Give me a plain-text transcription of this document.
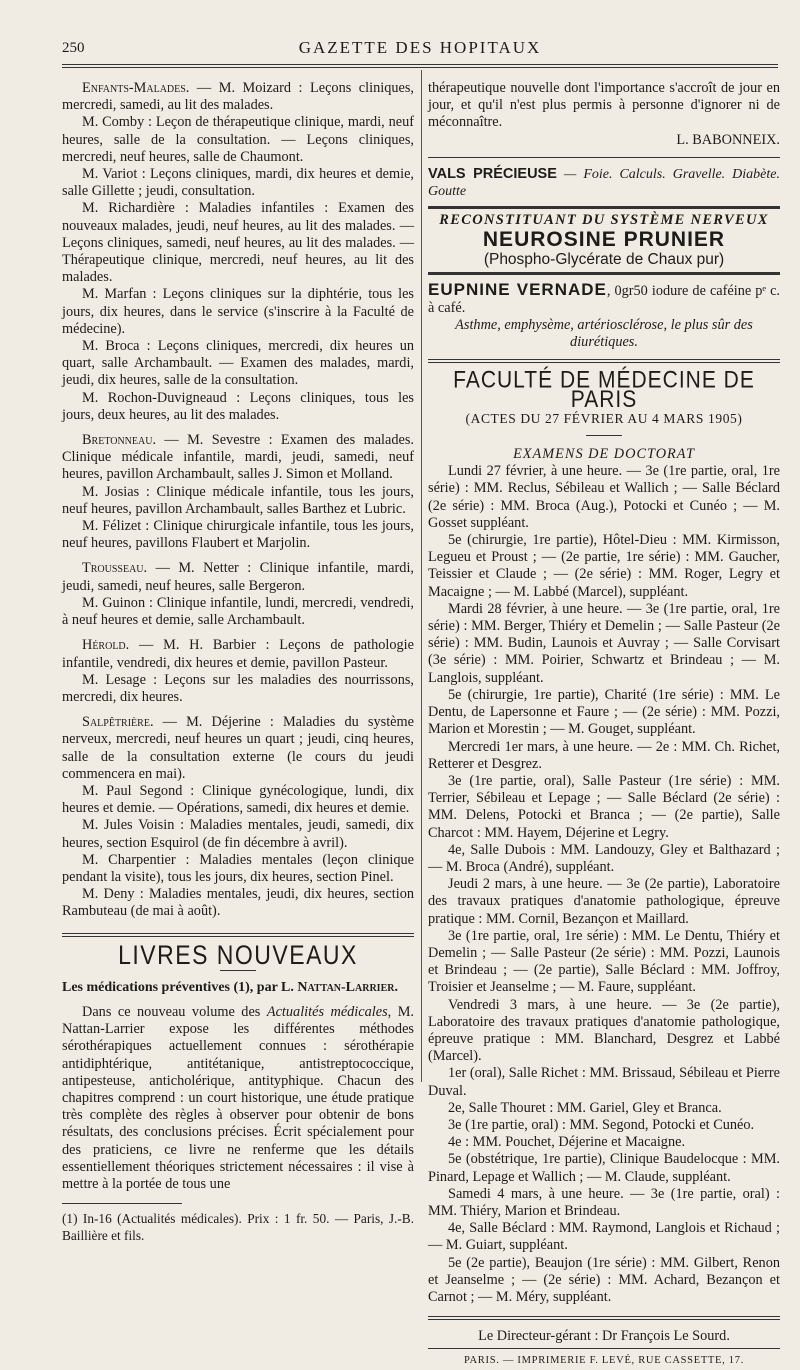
250	GAZETTE DES HOPITAUX

Enfants-Malades. — M. Moizard : Leçons cliniques, mercredi, samedi, au lit des malades.

M. Comby : Leçon de thérapeutique clinique, mardi, neuf heures, salle de la consultation. — Leçons cliniques, mercredi, neuf heures, salle de Chaumont.

M. Variot : Leçons cliniques, mardi, dix heures et demie, salle Gillette ; jeudi, consultation.

M. Richardière : Maladies infantiles : Examen des nouveaux malades, jeudi, neuf heures, au lit des malades. — Leçons cliniques, samedi, neuf heures, au lit des malades. — Thérapeutique clinique, mercredi, neuf heures, au lit des malades.

M. Marfan : Leçons cliniques sur la diphtérie, tous les jours, dix heures, dans le service (s'inscrire à la Faculté de médecine).

M. Broca : Leçons cliniques, mercredi, dix heures un quart, salle Archambault. — Examen des malades, mardi, jeudi, dix heures, salle de la consultation.

M. Rochon-Duvigneaud : Leçons cliniques, tous les jours, deux heures, au lit des malades.

Bretonneau. — M. Sevestre : Examen des malades. Clinique médicale infantile, mardi, jeudi, samedi, neuf heures, pavillon Archambault, salles J. Simon et Molland.

M. Josias : Clinique médicale infantile, tous les jours, neuf heures, pavillon Archambault, salles Barthez et Lubric.

M. Félizet : Clinique chirurgicale infantile, tous les jours, neuf heures, pavillons Flaubert et Marjolin.

Trousseau. — M. Netter : Clinique infantile, mardi, jeudi, samedi, neuf heures, salle Bergeron.

M. Guinon : Clinique infantile, lundi, mercredi, vendredi, à neuf heures et demie, salle Archambault.

Hérold. — M. H. Barbier : Leçons de pathologie infantile, vendredi, dix heures et demie, pavillon Pasteur.

M. Lesage : Leçons sur les maladies des nourrissons, mercredi, dix heures.

Salpêtrière. — M. Déjerine : Maladies du système nerveux, mercredi, neuf heures un quart ; jeudi, cinq heures, salle de la consultation externe (le cours du jeudi commencera en mai).

M. Paul Segond : Clinique gynécologique, lundi, dix heures et demie. — Opérations, samedi, dix heures et demie.

M. Jules Voisin : Maladies mentales, jeudi, samedi, dix heures, section Esquirol (de fin décembre à avril).

M. Charpentier : Maladies mentales (leçon clinique pendant la visite), tous les jours, dix heures, section Pinel.

M. Deny : Maladies mentales, jeudi, dix heures, section Rambuteau (de mai à août).

LIVRES NOUVEAUX

Les médications préventives (1), par L. Nattan-Larrier.

Dans ce nouveau volume des Actualités médicales, M. Nattan-Larrier expose les différentes méthodes sérothérapiques actuellement connues : sérothérapie antidiphtérique, antitétanique, antistreptococcique, antipesteuse, anticholérique, antityphique. Chacun des chapitres comprend : un court historique, une étude pratique très complète des règles à observer pour obtenir de bons résultats, des conclusions précises. Écrit spécialement pour des praticiens, ce livre ne renferme que les détails essentiellement théoriques strictement nécessaires : il vise à mettre à la portée de tous une

(1) In-16 (Actualités médicales). Prix : 1 fr. 50. — Paris, J.-B. Baillière et fils.

thérapeutique nouvelle dont l'importance s'accroît de jour en jour, et qu'il n'est plus permis à personne d'ignorer ni de méconnaître.

L. BABONNEIX.

VALS PRÉCIEUSE — Foie. Calculs. Gravelle. Diabète. Goutte

RECONSTITUANT DU SYSTÈME NERVEUX
NEUROSINE PRUNIER
(Phospho-Glycérate de Chaux pur)

EUPNINE VERNADE, 0gr50 iodure de caféine pᵉ c. à café.
Asthme, emphysème, artériosclérose, le plus sûr des diurétiques.

FACULTÉ DE MÉDECINE DE PARIS

(ACTES DU 27 FÉVRIER AU 4 MARS 1905)

EXAMENS DE DOCTORAT

Lundi 27 février, à une heure. — 3e (1re partie, oral, 1re série) : MM. Reclus, Sébileau et Wallich ; — Salle Béclard (2e série) : MM. Broca (Aug.), Potocki et Cunéo ; — M. Gosset suppléant.

5e (chirurgie, 1re partie), Hôtel-Dieu : MM. Kirmisson, Legueu et Proust ; — (2e partie, 1re série) : MM. Gaucher, Teissier et Claude ; — (2e série) : MM. Roger, Legry et Macaigne ; — M. Labbé (Marcel), suppléant.

Mardi 28 février, à une heure. — 3e (1re partie, oral, 1re série) : MM. Berger, Thiéry et Demelin ; — Salle Pasteur (2e série) : MM. Budin, Launois et Auvray ; — Salle Corvisart (3e série) : MM. Poirier, Schwartz et Brindeau ; — M. Langlois, suppléant.

5e (chirurgie, 1re partie), Charité (1re série) : MM. Le Dentu, de Lapersonne et Faure ; — (2e série) : MM. Pozzi, Marion et Morestin ; — M. Gouget, suppléant.

Mercredi 1er mars, à une heure. — 2e : MM. Ch. Richet, Retterer et Desgrez.

3e (1re partie, oral), Salle Pasteur (1re série) : MM. Terrier, Sébileau et Lepage ; — Salle Béclard (2e série) : MM. Delens, Potocki et Branca ; — (2e partie), Salle Charcot : MM. Hayem, Déjerine et Legry.

4e, Salle Dubois : MM. Landouzy, Gley et Balthazard ; — M. Broca (André), suppléant.

Jeudi 2 mars, à une heure. — 3e (2e partie), Laboratoire des travaux pratiques d'anatomie pathologique, épreuve pratique : MM. Cornil, Bezançon et Maillard.

3e (1re partie, oral, 1re série) : MM. Le Dentu, Thiéry et Demelin ; — Salle Pasteur (2e série) : MM. Pozzi, Launois et Brindeau ; — (2e partie), Salle Béclard : MM. Joffroy, Troisier et Jeanselme ; — M. Faure, suppléant.

Vendredi 3 mars, à une heure. — 3e (2e partie), Laboratoire des travaux pratiques d'anatomie pathologique, épreuve pratique : MM. Blanchard, Desgrez et Labbé (Marcel).

1er (oral), Salle Richet : MM. Brissaud, Sébileau et Pierre Duval.

2e, Salle Thouret : MM. Gariel, Gley et Branca.

3e (1re partie, oral) : MM. Segond, Potocki et Cunéo.

4e : MM. Pouchet, Déjerine et Macaigne.

5e (obstétrique, 1re partie), Clinique Baudelocque : MM. Pinard, Lepage et Wallich ; — M. Claude, suppléant.

Samedi 4 mars, à une heure. — 3e (1re partie, oral) : MM. Thiéry, Marion et Brindeau.

4e, Salle Béclard : MM. Raymond, Langlois et Richaud ; — M. Guiart, suppléant.

5e (2e partie), Beaujon (1re série) : MM. Gilbert, Renon et Jeanselme ; — (2e série) : MM. Achard, Bezançon et Carnot ; — M. Méry, suppléant.

Le Directeur-gérant : Dr François Le Sourd.

PARIS. — IMPRIMERIE F. LEVÉ, RUE CASSETTE, 17.
